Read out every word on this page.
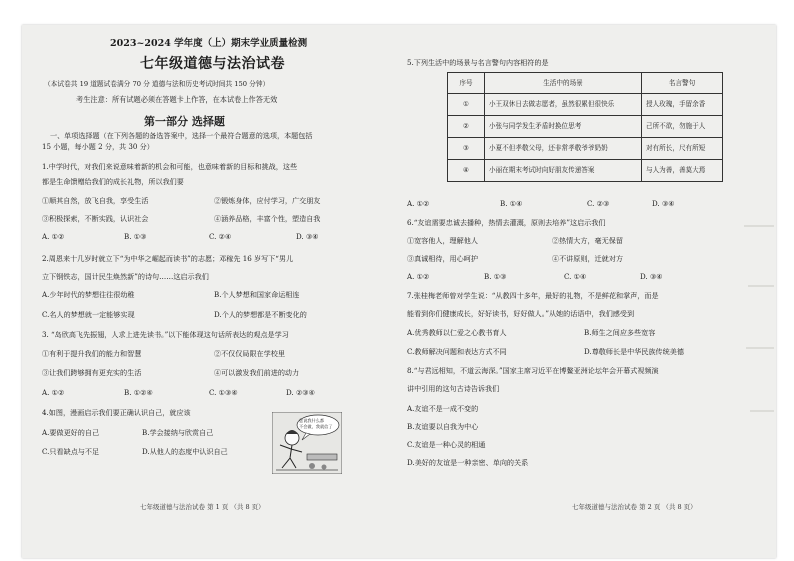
2023~2024 学年度（上）期末学业质量检测
七年级道德与法治试卷
（本试卷共 19 道题试卷满分 70 分 道德与法和历史考试时间共 150 分钟）
考生注意：所有试题必须在答题卡上作答，在本试卷上作答无效
第一部分 选择题
一、单项选择题（在下列各题的备选答案中，选择一个最符合题意的选项，本题包括
15 小题，每小题 2 分，共 30 分）
1.中学时代，对我们来说意味着新的机会和可能，也意味着新的目标和挑战，这些
都是生命馈赠给我们的成长礼物，所以我们要
①顺其自然，放飞自我，享受生活	②锻炼身体，应付学习，广交朋友
③积极探索，不断实践，认识社会	④涵养品格，丰富个性，塑造自我
A. ①②	B. ①③	C. ②④	D. ③④
2.周恩来十几岁时就立下“为中华之崛起而读书”的志愿；邓稼先 16 岁写下“男儿
立下钢铁志，国计民生焕然新”的诗句……这启示我们
A.少年时代的梦想往往很幼稚	B.个人梦想和国家命运相连
C.名人的梦想就一定能够实现	D.个人的梦想都是不断变化的
3. “岛欣高飞先振翅，人求上进先读书。”以下能体现这句话所表达的观点是学习
①有利于提升我们的能力和智慧	②不仅仅局限在学校里
③让我们跨够拥有更充实的生活	④可以激发我们前进的动力
A. ①②	B. ①②④	C. ①③④	D. ②③④
4.如图，漫画启示我们要正确认识自己，就应该
A.要做更好的自己	B.学会接纳与欣赏自己
C.只看缺点与不足	D.从他人的态度中认识自己
您说我什么都
不会做，我就信了
七年级道德与法治试卷 第 1 页 （共 8 页）
5.下列生活中的场景与名言警句内容相符的是
序号	生活中的场景	名言警句
①	小王双休日去做志愿者，虽然很累但很快乐	授人玫瑰，手留余香
②	小张与同学发生矛盾时换位思考	己所不欲，勿施于人
③	小夏不但孝敬父母，还非常孝敬爷爷奶奶	对有所长，尺有所短
④	小丽在期末考试时向好朋友传递答案	与人为善，善莫大焉
A. ①②	B. ①④	C. ②③	D. ③④
6.“友谊需要忠诚去播种，热情去灌溉，原则去培养”这启示我们
①宽容他人，理解他人	②热情大方，毫无保留
③真诚相待，用心呵护	④不讲原则，迁就对方
A. ①②	B. ①③	C. ①④	D. ③④
7.张桂梅老师曾对学生说：“从教四十多年，最好的礼物，不是鲜花和掌声，而是
能看到你们健康成长，好好读书，好好做人。”从她的话语中，我们感受到
A.优秀教师以仁爱之心教书育人	B.师生之间应多些宽容
C.教师解决问题和表达方式不同	D.尊敬师长是中华民族传统美德
8.“与君远相知，不道云海深。”国家主席习近平在博鳌亚洲论坛年会开幕式视频演
讲中引用的这句古诗告诉我们
A.友谊不是一成不变的
B.友谊要以自我为中心
C.友谊是一种心灵的相通
D.美好的友谊是一种亲密、单向的关系
七年级道德与法治试卷 第 2 页 （共 8 页）
